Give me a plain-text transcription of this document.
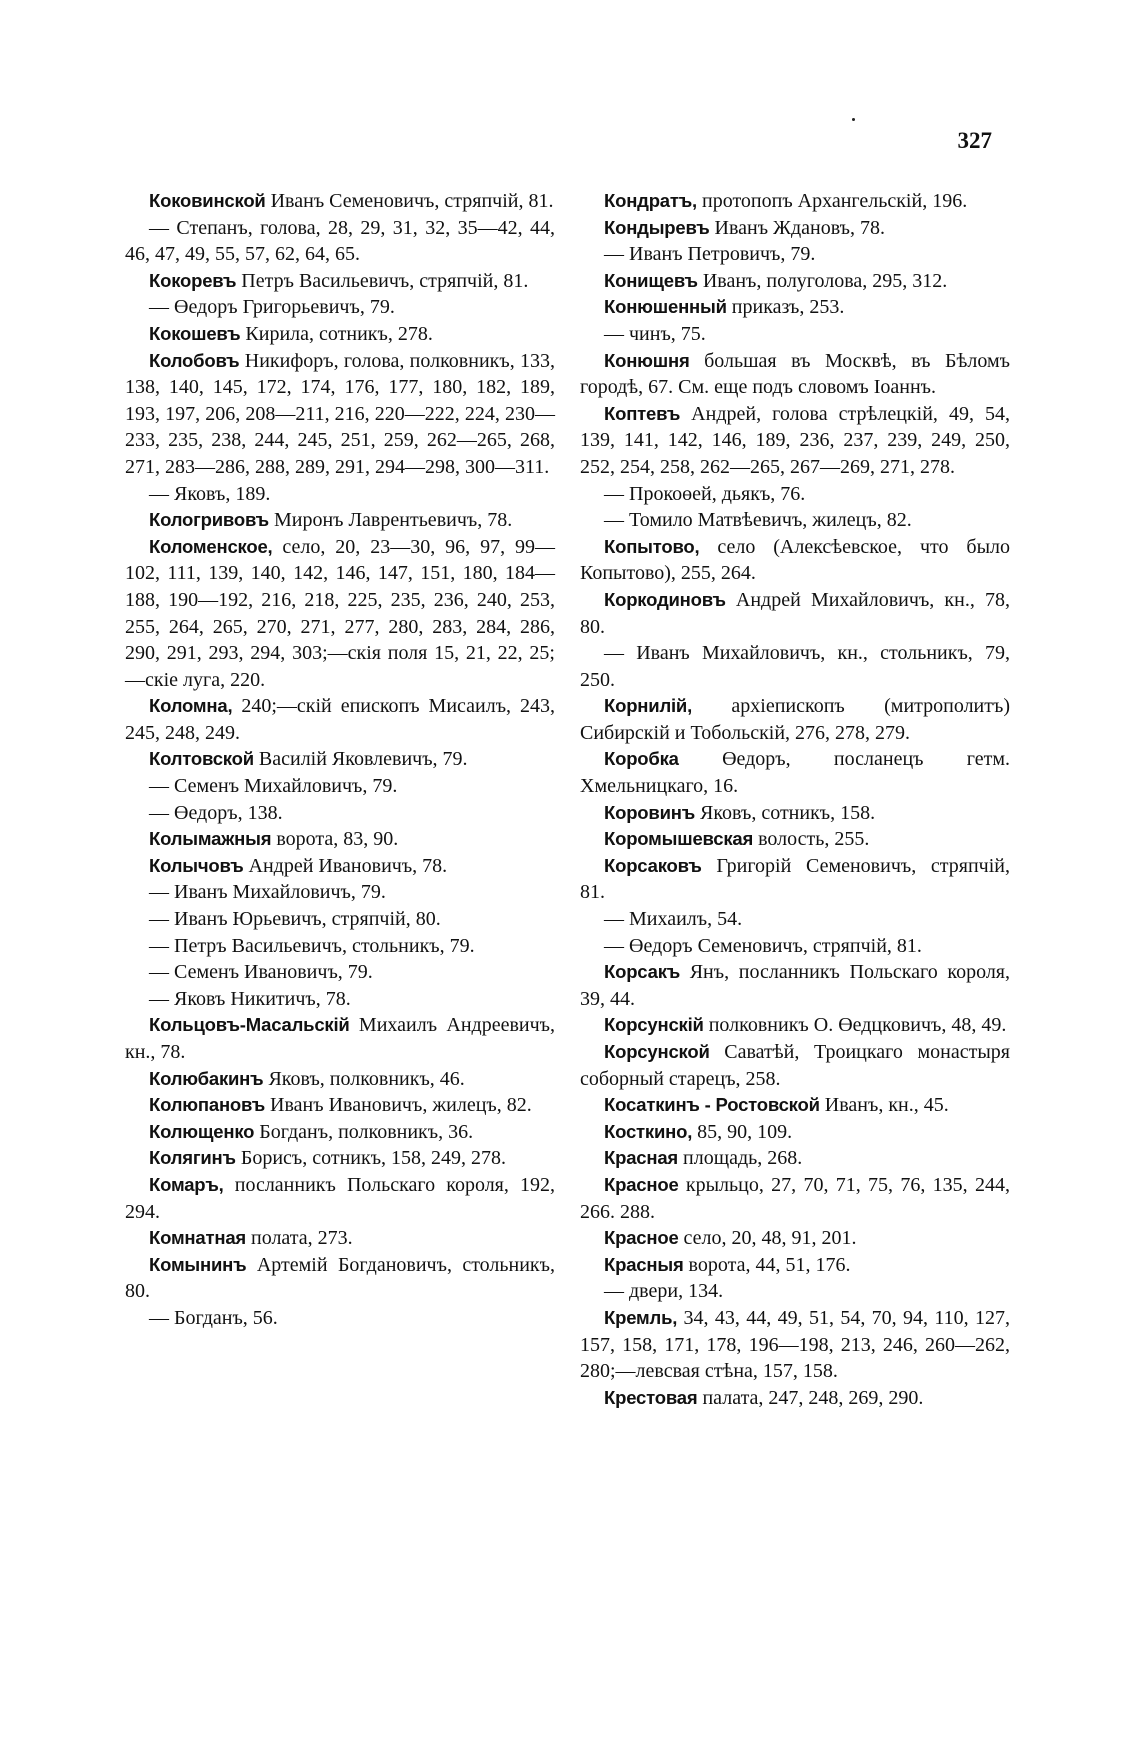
327

Коковинской Иванъ Семеновичъ, стряпчій, 81.

— Степанъ, голова, 28, 29, 31, 32, 35—42, 44, 46, 47, 49, 55, 57, 62, 64, 65.

Кокоревъ Петръ Васильевичъ, стряпчій, 81.

— Өедоръ Григорьевичъ, 79.

Кокошевъ Кирила, сотникъ, 278.

Колобовъ Никифоръ, голова, полковникъ, 133, 138, 140, 145, 172, 174, 176, 177, 180, 182, 189, 193, 197, 206, 208—211, 216, 220—222, 224, 230—233, 235, 238, 244, 245, 251, 259, 262—265, 268, 271, 283—286, 288, 289, 291, 294—298, 300—311.

— Яковъ, 189.

Кологривовъ Миронъ Лаврентьевичъ, 78.

Коломенское, село, 20, 23—30, 96, 97, 99—102, 111, 139, 140, 142, 146, 147, 151, 180, 184—188, 190—192, 216, 218, 225, 235, 236, 240, 253, 255, 264, 265, 270, 271, 277, 280, 283, 284, 286, 290, 291, 293, 294, 303;—скія поля 15, 21, 22, 25;—скіе луга, 220.

Коломна, 240;—скій епископъ Мисаилъ, 243, 245, 248, 249.

Колтовской Василій Яковлевичъ, 79.

— Семенъ Михайловичъ, 79.

— Өедоръ, 138.

Колымажныя ворота, 83, 90.

Колычовъ Андрей Ивановичъ, 78.

— Иванъ Михайловичъ, 79.

— Иванъ Юрьевичъ, стряпчій, 80.

— Петръ Васильевичъ, стольникъ, 79.

— Семенъ Ивановичъ, 79.

— Яковъ Никитичъ, 78.

Кольцовъ-Масальскій Михаилъ Андреевичъ, кн., 78.

Колюбакинъ Яковъ, полковникъ, 46.

Колюпановъ Иванъ Ивановичъ, жилецъ, 82.

Колющенко Богданъ, полковникъ, 36.

Колягинъ Борисъ, сотникъ, 158, 249, 278.

Комаръ, посланникъ Польскаго короля, 192, 294.

Комнатная полата, 273.

Комынинъ Артемій Богдановичъ, стольникъ, 80.

— Богданъ, 56.

Кондратъ, протопопъ Архангельскій, 196.

Кондыревъ Иванъ Ждановъ, 78.

— Иванъ Петровичъ, 79.

Конищевъ Иванъ, полуголова, 295, 312.

Конюшенный приказъ, 253.

— чинъ, 75.

Конюшня большая въ Москвѣ, въ Бѣломъ городѣ, 67. См. еще подъ словомъ Іоаннъ.

Коптевъ Андрей, голова стрѣлецкій, 49, 54, 139, 141, 142, 146, 189, 236, 237, 239, 249, 250, 252, 254, 258, 262—265, 267—269, 271, 278.

— Прокоөей, дьякъ, 76.

— Томило Матвѣевичъ, жилецъ, 82.

Копытово, село (Алексѣевское, что было Копытово), 255, 264.

Коркодиновъ Андрей Михайловичъ, кн., 78, 80.

— Иванъ Михайловичъ, кн., стольникъ, 79, 250.

Корнилій, архіепископъ (митрополитъ) Сибирскій и Тобольскій, 276, 278, 279.

Коробка Өедоръ, посланецъ гетм. Хмельницкаго, 16.

Коровинъ Яковъ, сотникъ, 158.

Коромышевская волость, 255.

Корсаковъ Григорій Семеновичъ, стряпчій, 81.

— Михаилъ, 54.

— Өедоръ Семеновичъ, стряпчій, 81.

Корсакъ Янъ, посланникъ Польскаго короля, 39, 44.

Корсунскій полковникъ О. Өедцковичъ, 48, 49.

Корсунской Саватѣй, Троицкаго монастыря соборный старецъ, 258.

Косаткинъ - Ростовской Иванъ, кн., 45.

Косткино, 85, 90, 109.

Красная площадь, 268.

Красное крыльцо, 27, 70, 71, 75, 76, 135, 244, 266. 288.

Красное село, 20, 48, 91, 201.

Красныя ворота, 44, 51, 176.

— двери, 134.

Кремль, 34, 43, 44, 49, 51, 54, 70, 94, 110, 127, 157, 158, 171, 178, 196—198, 213, 246, 260—262, 280;—левсвая стѣна, 157, 158.

Крестовая палата, 247, 248, 269, 290.
